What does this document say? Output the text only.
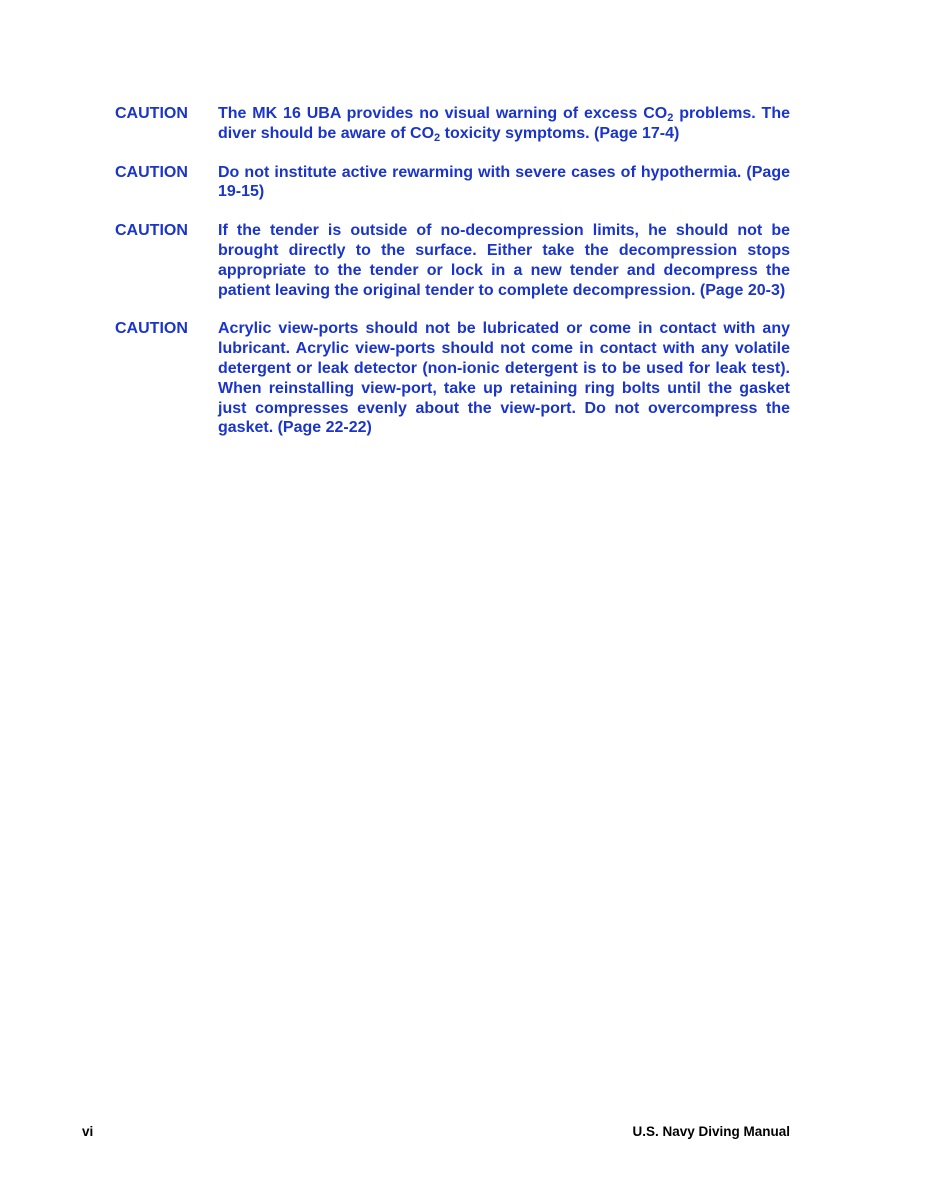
CAUTION	The MK 16 UBA provides no visual warning of excess $CO_2$ problems. The diver should be aware of $CO_2$ toxicity symptoms. (Page 17-4)
CAUTION	Do not institute active rewarming with severe cases of hypothermia. (Page 19-15)
CAUTION	If the tender is outside of no-decompression limits, he should not be brought directly to the surface. Either take the decompression stops appropriate to the tender or lock in a new tender and decompress the patient leaving the original tender to complete decompression. (Page 20-3)
CAUTION	Acrylic view-ports should not be lubricated or come in contact with any lubricant. Acrylic view-ports should not come in contact with any volatile detergent or leak detector (non-ionic detergent is to be used for leak test). When reinstalling view-port, take up retaining ring bolts until the gasket just compresses evenly about the view-port. Do not overcompress the gasket. (Page 22-22)
vi	U.S. Navy Diving Manual
